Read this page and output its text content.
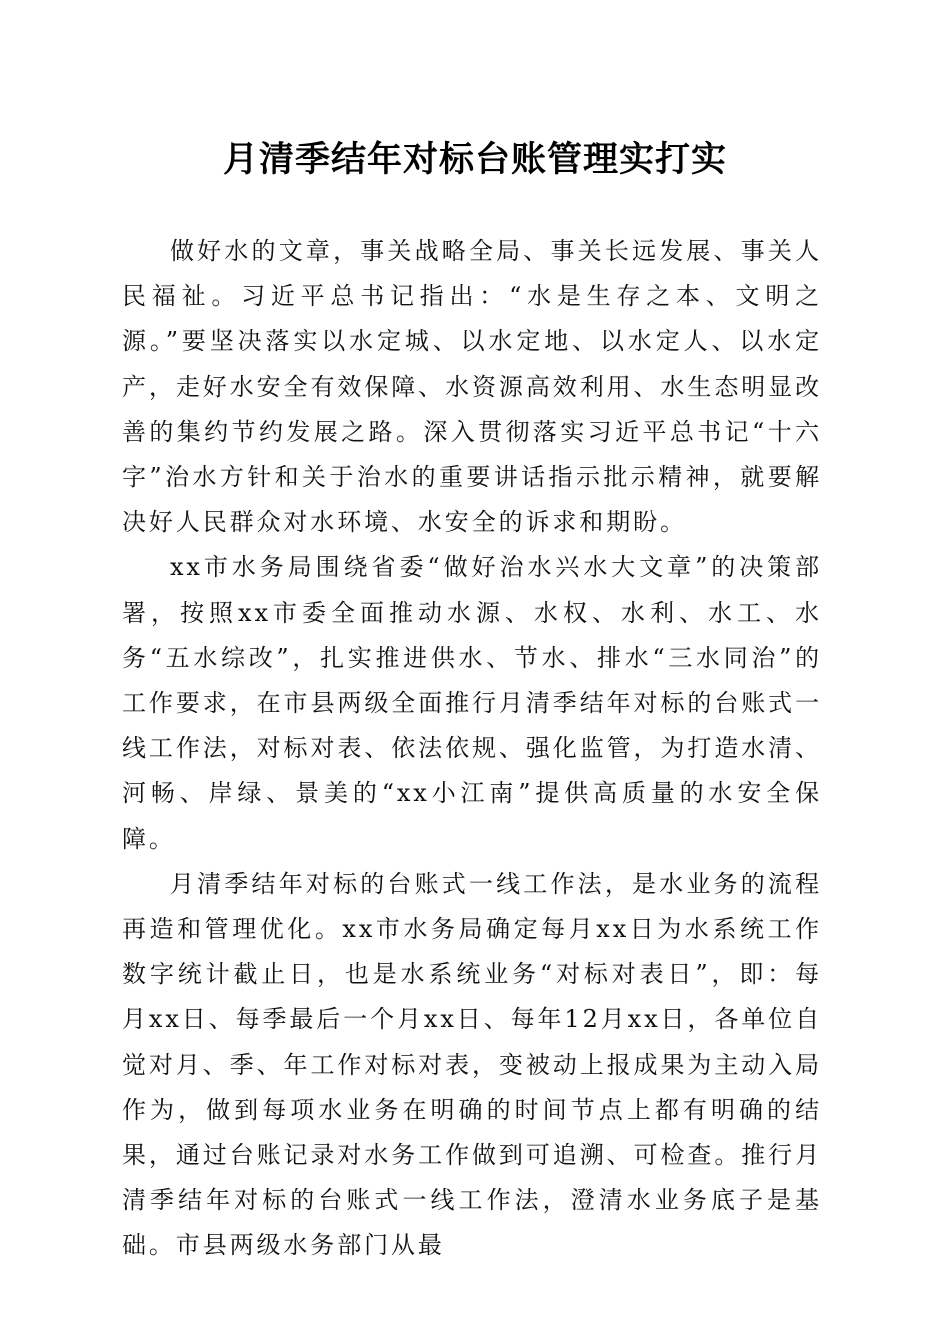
月清季结年对标台账管理实打实

做好水的文章，事关战略全局、事关长远发展、事关人民福祉。习近平总书记指出：“水是生存之本、文明之源。”要坚决落实以水定城、以水定地、以水定人、以水定产，走好水安全有效保障、水资源高效利用、水生态明显改善的集约节约发展之路。深入贯彻落实习近平总书记“十六字”治水方针和关于治水的重要讲话指示批示精神，就要解决好人民群众对水环境、水安全的诉求和期盼。

xx市水务局围绕省委“做好治水兴水大文章”的决策部署，按照xx市委全面推动水源、水权、水利、水工、水务“五水综改”，扎实推进供水、节水、排水“三水同治”的工作要求，在市县两级全面推行月清季结年对标的台账式一线工作法，对标对表、依法依规、强化监管，为打造水清、河畅、岸绿、景美的“xx小江南”提供高质量的水安全保障。

月清季结年对标的台账式一线工作法，是水业务的流程再造和管理优化。xx市水务局确定每月xx日为水系统工作数字统计截止日，也是水系统业务“对标对表日”，即：每月xx日、每季最后一个月xx日、每年12月xx日，各单位自觉对月、季、年工作对标对表，变被动上报成果为主动入局作为，做到每项水业务在明确的时间节点上都有明确的结果，通过台账记录对水务工作做到可追溯、可检查。推行月清季结年对标的台账式一线工作法，澄清水业务底子是基础。市县两级水务部门从最
